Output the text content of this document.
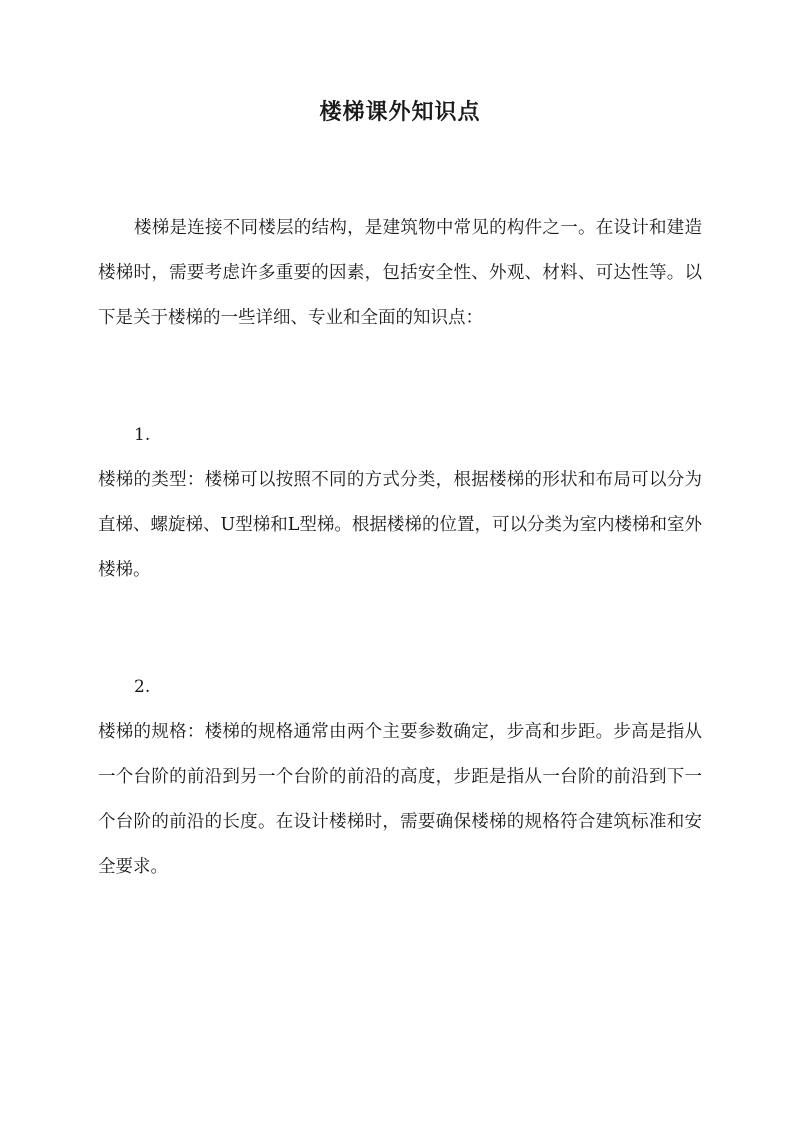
楼梯课外知识点

楼梯是连接不同楼层的结构，是建筑物中常见的构件之一。在设计和建造楼梯时，需要考虑许多重要的因素，包括安全性、外观、材料、可达性等。以下是关于楼梯的一些详细、专业和全面的知识点：

1.

楼梯的类型：楼梯可以按照不同的方式分类，根据楼梯的形状和布局可以分为直梯、螺旋梯、U型梯和L型梯。根据楼梯的位置，可以分类为室内楼梯和室外楼梯。

2.

楼梯的规格：楼梯的规格通常由两个主要参数确定，步高和步距。步高是指从一个台阶的前沿到另一个台阶的前沿的高度，步距是指从一台阶的前沿到下一个台阶的前沿的长度。在设计楼梯时，需要确保楼梯的规格符合建筑标准和安全要求。
